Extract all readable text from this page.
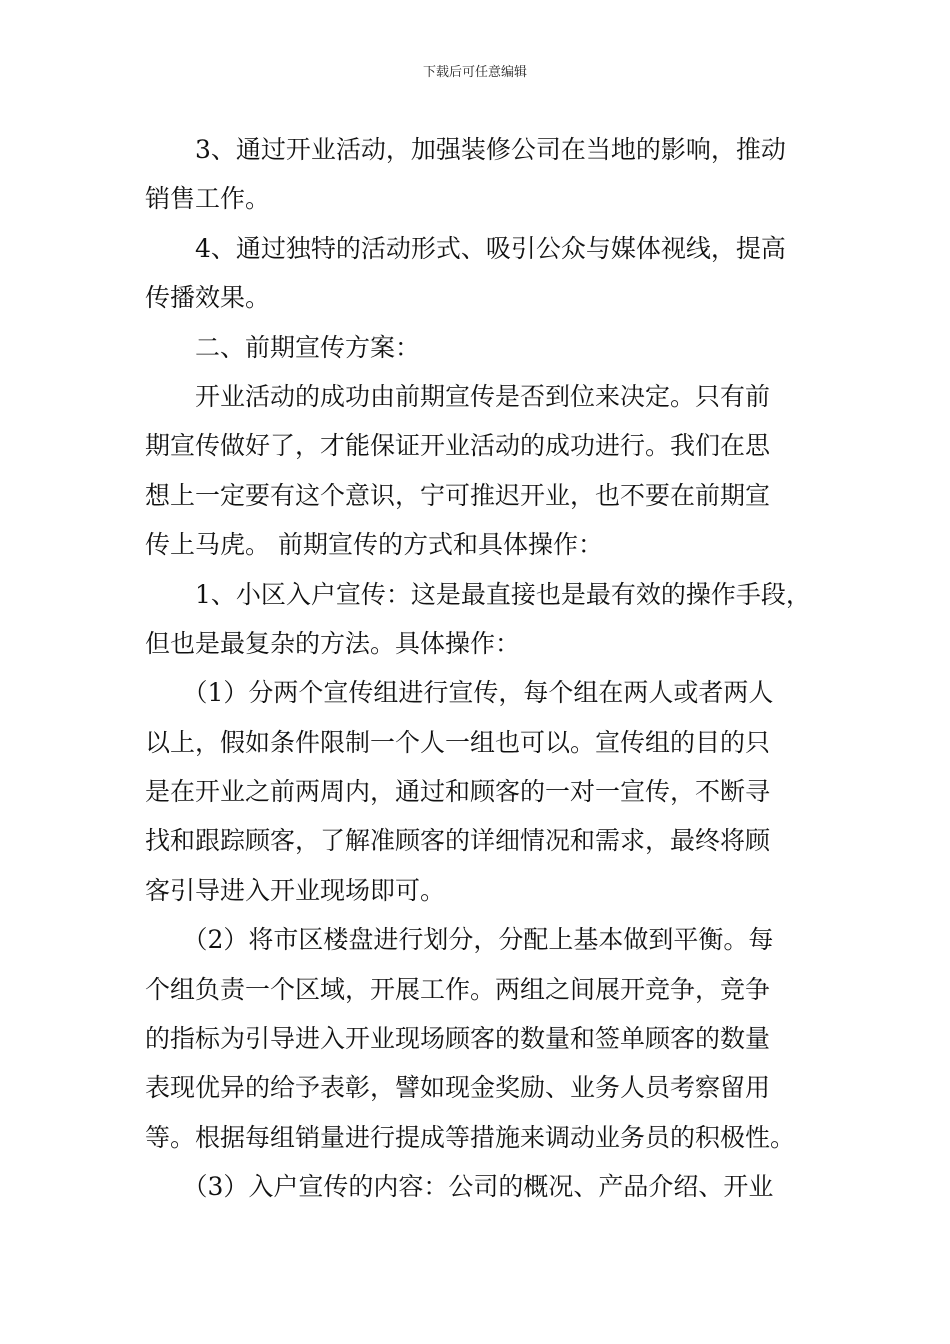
下载后可任意编辑
　　3、通过开业活动，加强装修公司在当地的影响，推动
销售工作。
　　4、通过独特的活动形式、吸引公众与媒体视线，提高
传播效果。
　　二、前期宣传方案：
　　开业活动的成功由前期宣传是否到位来决定。只有前
期宣传做好了，才能保证开业活动的成功进行。我们在思
想上一定要有这个意识，宁可推迟开业，也不要在前期宣
传上马虎。 前期宣传的方式和具体操作：
　　1、小区入户宣传：这是最直接也是最有效的操作手段，
但也是最复杂的方法。具体操作：
　　（1）分两个宣传组进行宣传，每个组在两人或者两人
以上，假如条件限制一个人一组也可以。宣传组的目的只
是在开业之前两周内，通过和顾客的一对一宣传，不断寻
找和跟踪顾客，了解准顾客的详细情况和需求，最终将顾
客引导进入开业现场即可。
　　（2）将市区楼盘进行划分，分配上基本做到平衡。每
个组负责一个区域，开展工作。两组之间展开竞争，竞争
的指标为引导进入开业现场顾客的数量和签单顾客的数量
表现优异的给予表彰，譬如现金奖励、业务人员考察留用
等。根据每组销量进行提成等措施来调动业务员的积极性。
　　（3）入户宣传的内容：公司的概况、产品介绍、开业
